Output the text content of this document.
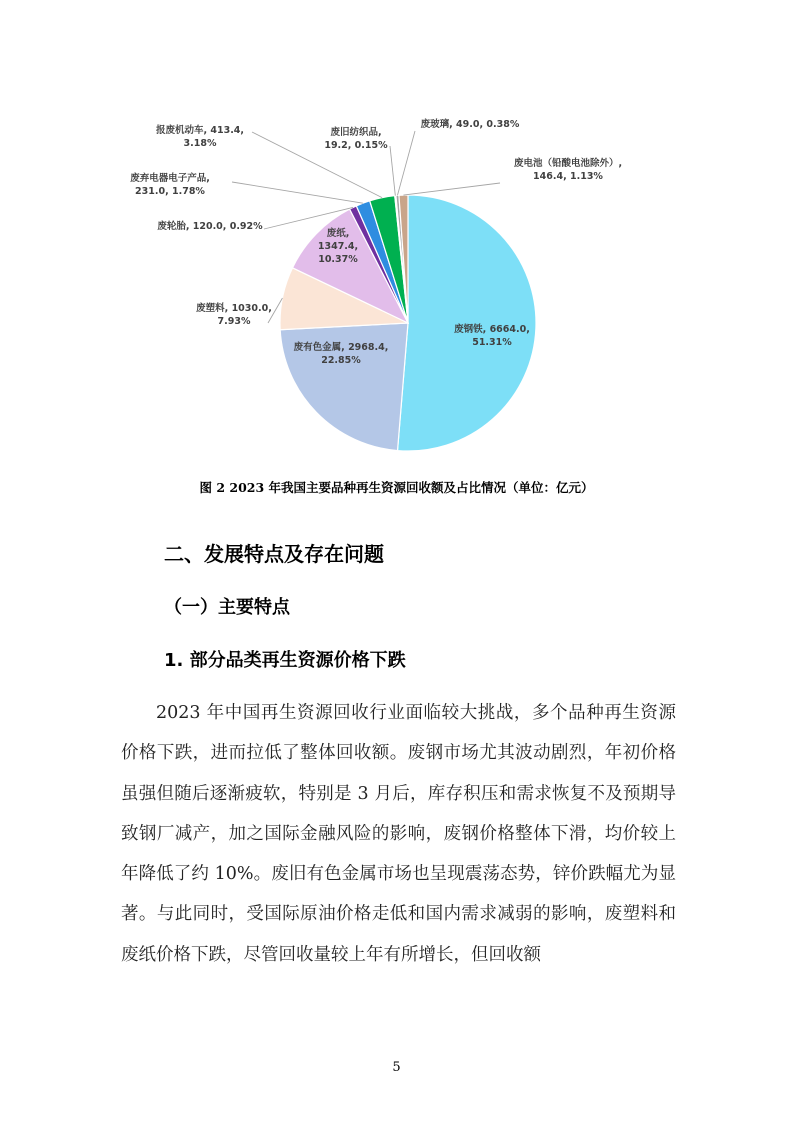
废钢铁, 6664.0, 51.31%
废有色金属, 2968.4, 22.85%
废塑料, 1030.0, 7.93%
废纸, 1347.4, 10.37%
废轮胎, 120.0, 0.92%
废弃电器电子产品, 231.0, 1.78%
报废机动车, 413.4, 3.18%
废旧纺织品, 19.2, 0.15%
废玻璃, 49.0, 0.38%
废电池（铅酸电池除外）, 146.4, 1.13%
图 2 2023 年我国主要品种再生资源回收额及占比情况（单位：亿元）
二、发展特点及存在问题
（一）主要特点
1. 部分品类再生资源价格下跌

2023 年中国再生资源回收行业面临较大挑战，多个品种再生资源价格下跌，进而拉低了整体回收额。废钢市场尤其波动剧烈，年初价格虽强但随后逐渐疲软，特别是 3 月后，库存积压和需求恢复不及预期导致钢厂减产，加之国际金融风险的影响，废钢价格整体下滑，均价较上年降低了约 10%。废旧有色金属市场也呈现震荡态势，锌价跌幅尤为显著。与此同时，受国际原油价格走低和国内需求减弱的影响，废塑料和废纸价格下跌，尽管回收量较上年有所增长，但回收额

5
